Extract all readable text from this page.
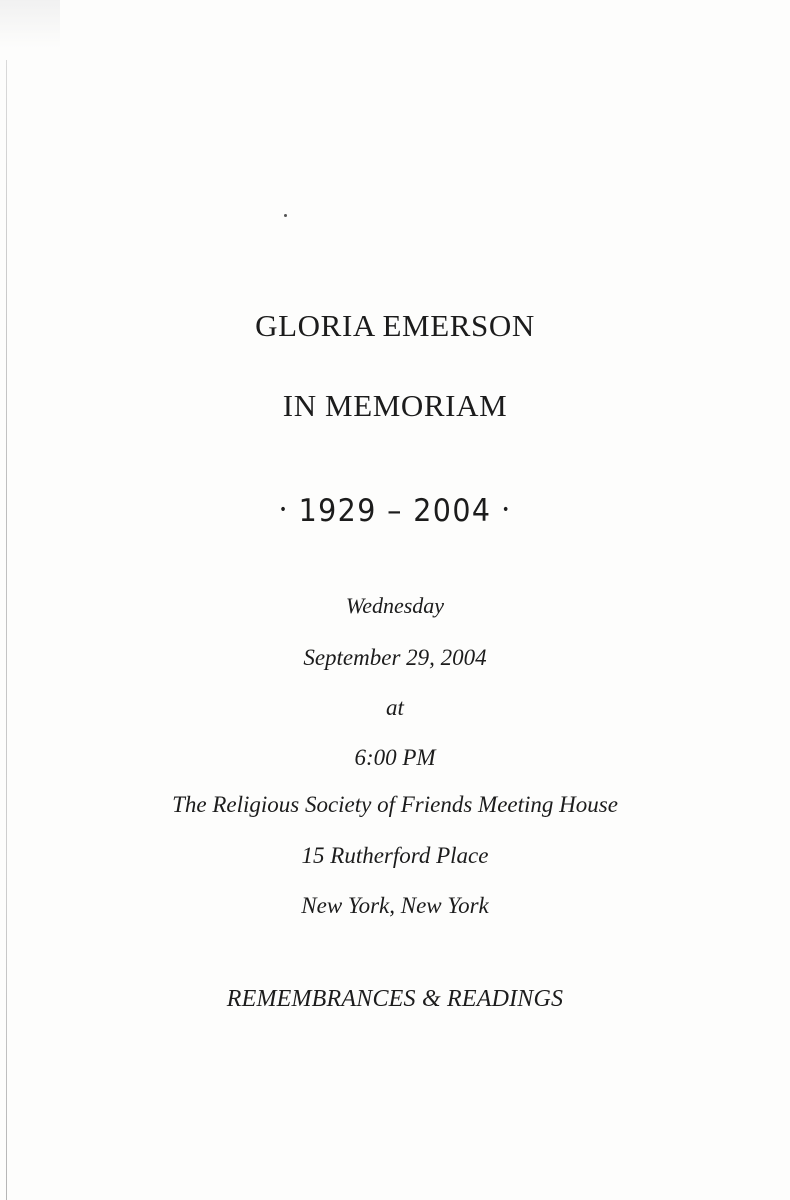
GLORIA EMERSON
IN MEMORIAM
• 1929 – 2004 •
Wednesday
September 29, 2004
at
6:00 PM
The Religious Society of Friends Meeting House
15 Rutherford Place
New York, New York
REMEMBRANCES & READINGS
